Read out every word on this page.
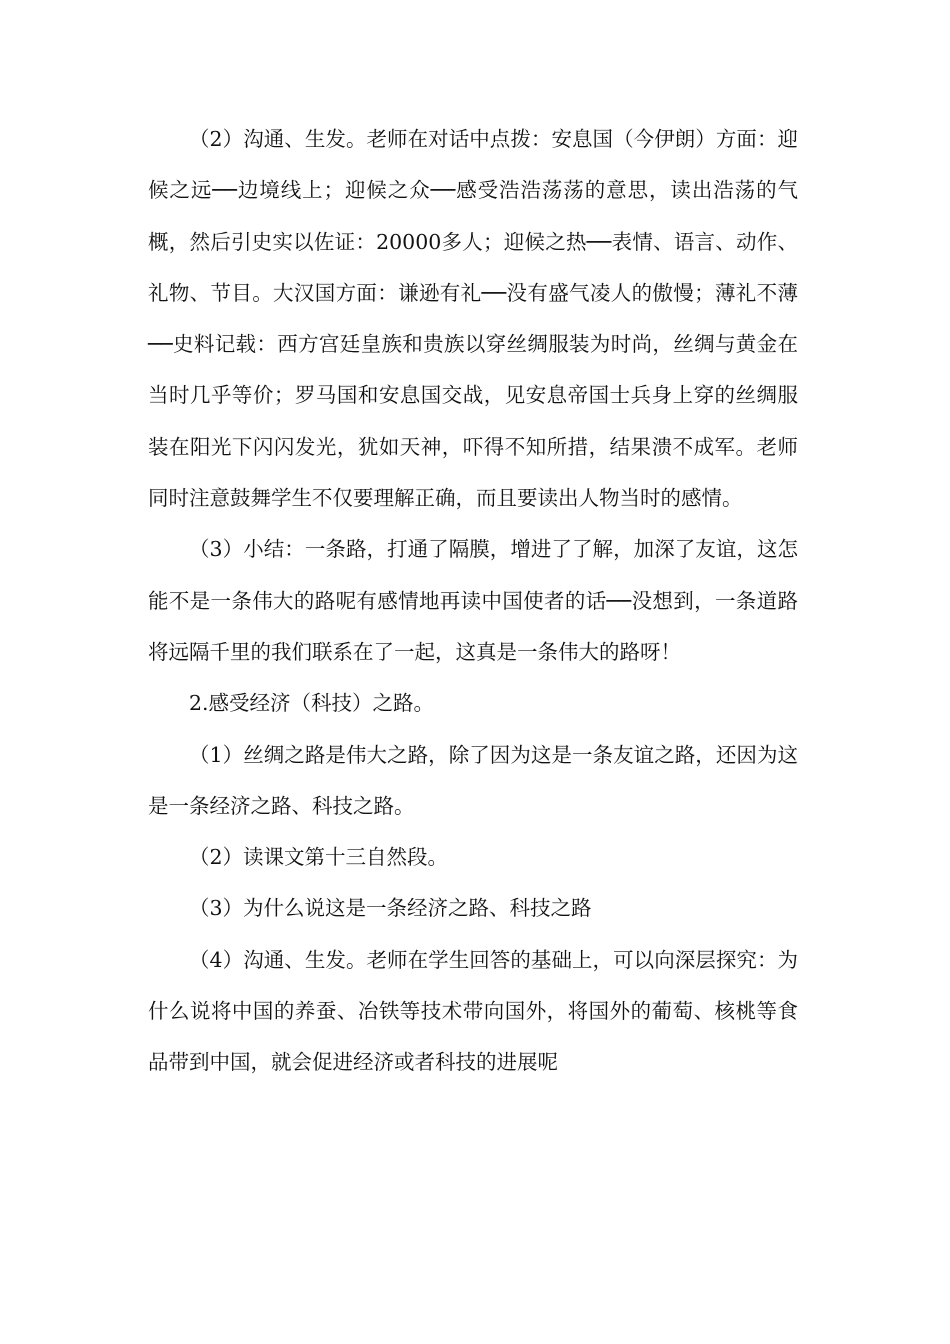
（2）沟通、生发。老师在对话中点拨：安息国（今伊朗）方面：迎候之远──边境线上；迎候之众──感受浩浩荡荡的意思，读出浩荡的气概，然后引史实以佐证：20000多人；迎候之热──表情、语言、动作、礼物、节目。大汉国方面：谦逊有礼──没有盛气凌人的傲慢；薄礼不薄──史料记载：西方宫廷皇族和贵族以穿丝绸服装为时尚，丝绸与黄金在当时几乎等价；罗马国和安息国交战，见安息帝国士兵身上穿的丝绸服装在阳光下闪闪发光，犹如天神，吓得不知所措，结果溃不成军。老师同时注意鼓舞学生不仅要理解正确，而且要读出人物当时的感情。

（3）小结：一条路，打通了隔膜，增进了了解，加深了友谊，这怎能不是一条伟大的路呢有感情地再读中国使者的话──没想到，一条道路将远隔千里的我们联系在了一起，这真是一条伟大的路呀！

2.感受经济（科技）之路。

（1）丝绸之路是伟大之路，除了因为这是一条友谊之路，还因为这是一条经济之路、科技之路。

（2）读课文第十三自然段。

（3）为什么说这是一条经济之路、科技之路

（4）沟通、生发。老师在学生回答的基础上，可以向深层探究：为什么说将中国的养蚕、冶铁等技术带向国外，将国外的葡萄、核桃等食品带到中国，就会促进经济或者科技的进展呢
